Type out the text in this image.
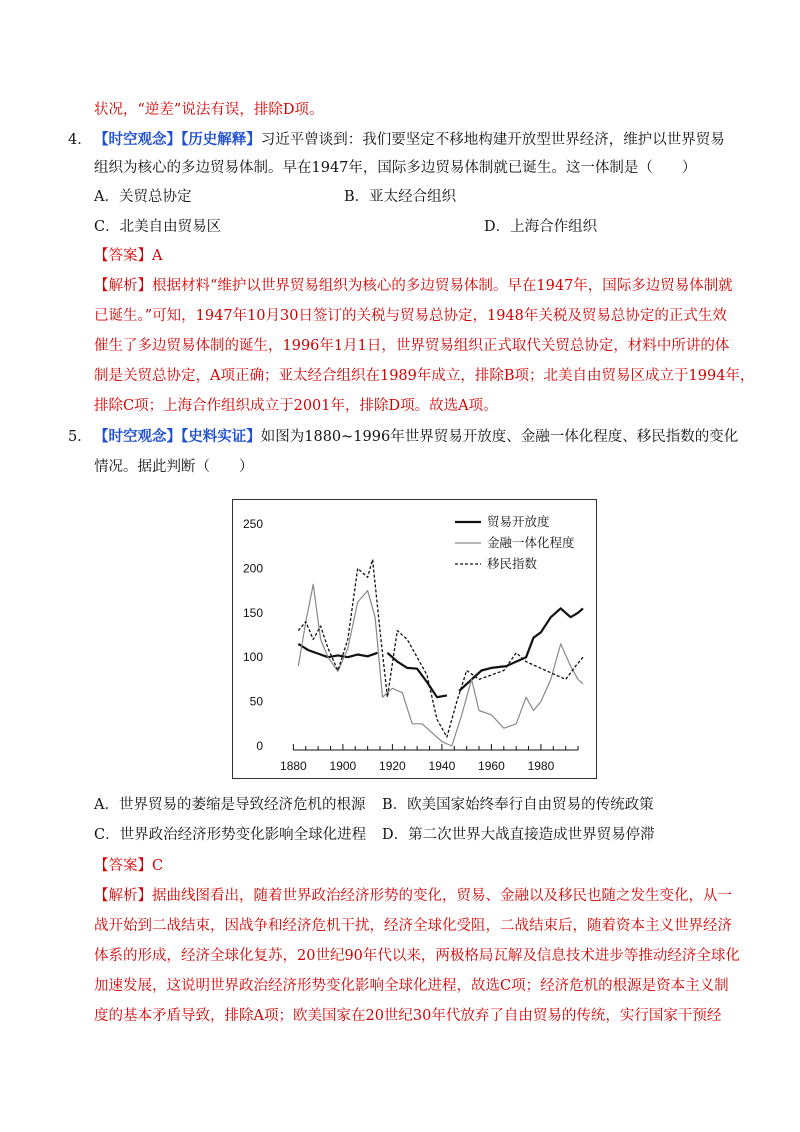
状况，“逆差”说法有误，排除D项。
4． 【时空观念】【历史解释】习近平曾谈到：我们要坚定不移地构建开放型世界经济，维护以世界贸易
组织为核心的多边贸易体制。早在1947年，国际多边贸易体制就已诞生。这一体制是（　　）
A．关贸总协定	B．亚太经合组织
C．北美自由贸易区	D．上海合作组织
【答案】A
【解析】根据材料“维护以世界贸易组织为核心的多边贸易体制。早在1947年，国际多边贸易体制就
已诞生。”可知，1947年10月30日签订的关税与贸易总协定，1948年关税及贸易总协定的正式生效
催生了多边贸易体制的诞生，1996年1月1日，世界贸易组织正式取代关贸总协定，材料中所讲的体
制是关贸总协定，A项正确；亚太经合组织在1989年成立，排除B项；北美自由贸易区成立于1994年，
排除C项；上海合作组织成立于2001年，排除D项。故选A项。
5． 【时空观念】【史料实证】如图为1880~1996年世界贸易开放度、金融一体化程度、移民指数的变化
情况。据此判断（　　）
0
50
100
150
200
250
1880 1900 1920 1940 1960 1980
贸易开放度
金融一体化程度
移民指数
A．世界贸易的萎缩是导致经济危机的根源 B．欧美国家始终奉行自由贸易的传统政策
C．世界政治经济形势变化影响全球化进程 D．第二次世界大战直接造成世界贸易停滞
【答案】C
【解析】据曲线图看出，随着世界政治经济形势的变化，贸易、金融以及移民也随之发生变化，从一
战开始到二战结束，因战争和经济危机干扰，经济全球化受阻，二战结束后，随着资本主义世界经济
体系的形成，经济全球化复苏，20世纪90年代以来，两极格局瓦解及信息技术进步等推动经济全球化
加速发展，这说明世界政治经济形势变化影响全球化进程，故选C项；经济危机的根源是资本主义制
度的基本矛盾导致，排除A项；欧美国家在20世纪30年代放弃了自由贸易的传统，实行国家干预经
